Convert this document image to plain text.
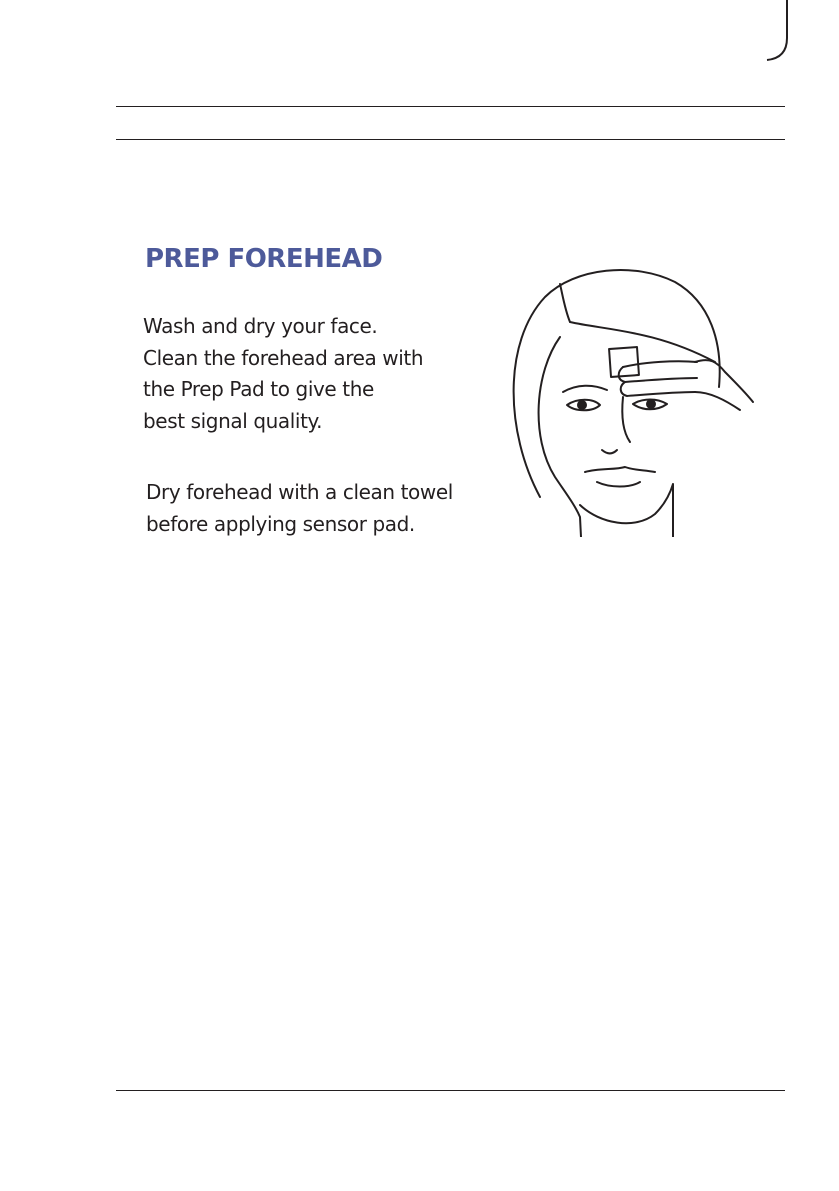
PREP FOREHEAD
Wash and dry your face.
Clean the forehead area with
the Prep Pad to give the
best signal quality.
Dry forehead with a clean towel
before applying sensor pad.
